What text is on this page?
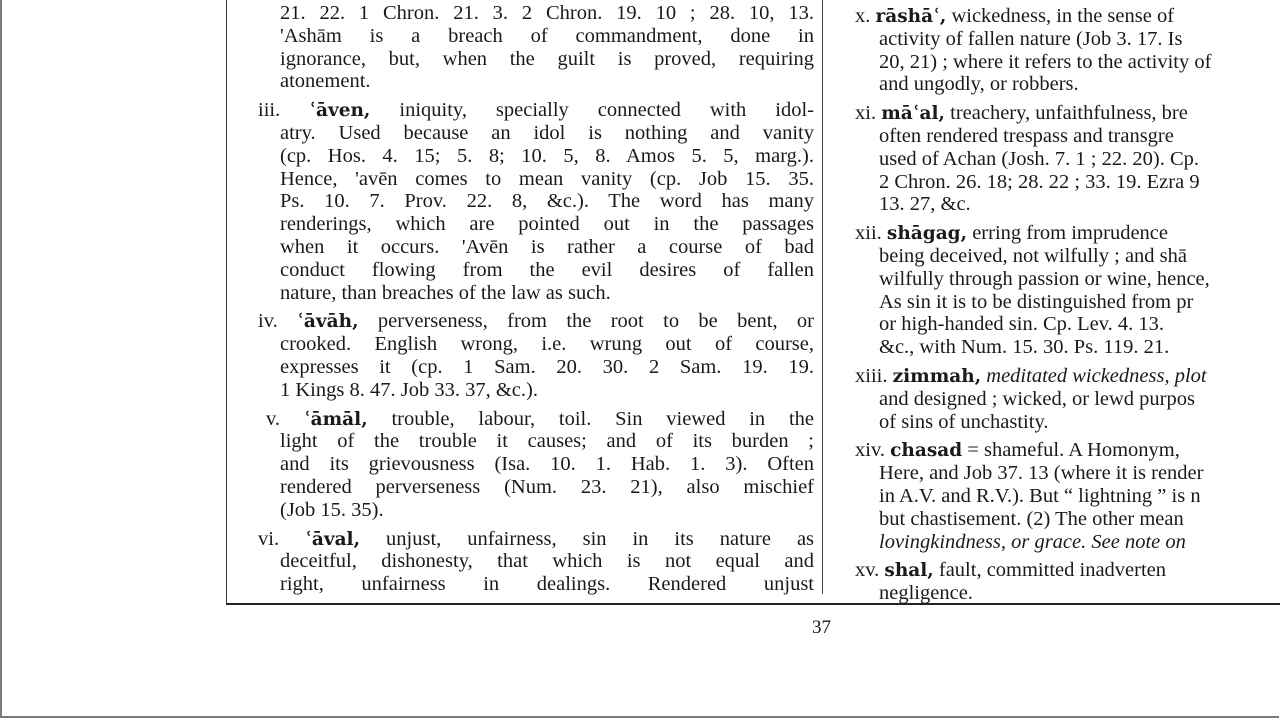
21. 22. 1 Chron. 21. 3. 2 Chron. 19. 10 ; 28. 10, 13.
'Ashām is a breach of commandment, done in
ignorance, but, when the guilt is proved, requiring
atonement.
iii. ʿāven, iniquity, specially connected with idol-
atry. Used because an idol is nothing and vanity
(cp. Hos. 4. 15; 5. 8; 10. 5, 8. Amos 5. 5, marg.).
Hence, 'avēn comes to mean vanity (cp. Job 15. 35.
Ps. 10. 7. Prov. 22. 8, &c.). The word has many
renderings, which are pointed out in the passages
when it occurs. 'Avēn is rather a course of bad
conduct flowing from the evil desires of fallen
nature, than breaches of the law as such.
iv. ʿāvāh, perverseness, from the root to be bent, or
crooked. English wrong, i.e. wrung out of course,
expresses it (cp. 1 Sam. 20. 30. 2 Sam. 19. 19.
1 Kings 8. 47. Job 33. 37, &c.).
v. ʿāmāl, trouble, labour, toil. Sin viewed in the
light of the trouble it causes; and of its burden ;
and its grievousness (Isa. 10. 1. Hab. 1. 3). Often
rendered perverseness (Num. 23. 21), also mischief
(Job 15. 35).
vi. ʿāval, unjust, unfairness, sin in its nature as
deceitful, dishonesty, that which is not equal and
right, unfairness in dealings. Rendered unjust
x. rāshāʿ, wickedness, in the sense of
activity of fallen nature (Job 3. 17. Is
20, 21) ; where it refers to the activity of
and ungodly, or robbers.
xi. māʿal, treachery, unfaithfulness, bre
often rendered trespass and transgre
used of Achan (Josh. 7. 1 ; 22. 20). Cp.
2 Chron. 26. 18; 28. 22 ; 33. 19. Ezra 9
13. 27, &c.
xii. shāgag, erring from imprudence
being deceived, not wilfully ; and shā
wilfully through passion or wine, hence,
As sin it is to be distinguished from pr
or high-handed sin. Cp. Lev. 4. 13.
&c., with Num. 15. 30. Ps. 119. 21.
xiii. zimmah, meditated wickedness, plot
and designed ; wicked, or lewd purpos
of sins of unchastity.
xiv. chasad = shameful. A Homonym,
Here, and Job 37. 13 (where it is render
in A.V. and R.V.). But “ lightning ” is n
but chastisement. (2) The other mean
lovingkindness, or grace. See note on
xv. shal, fault, committed inadverten
negligence.
37
